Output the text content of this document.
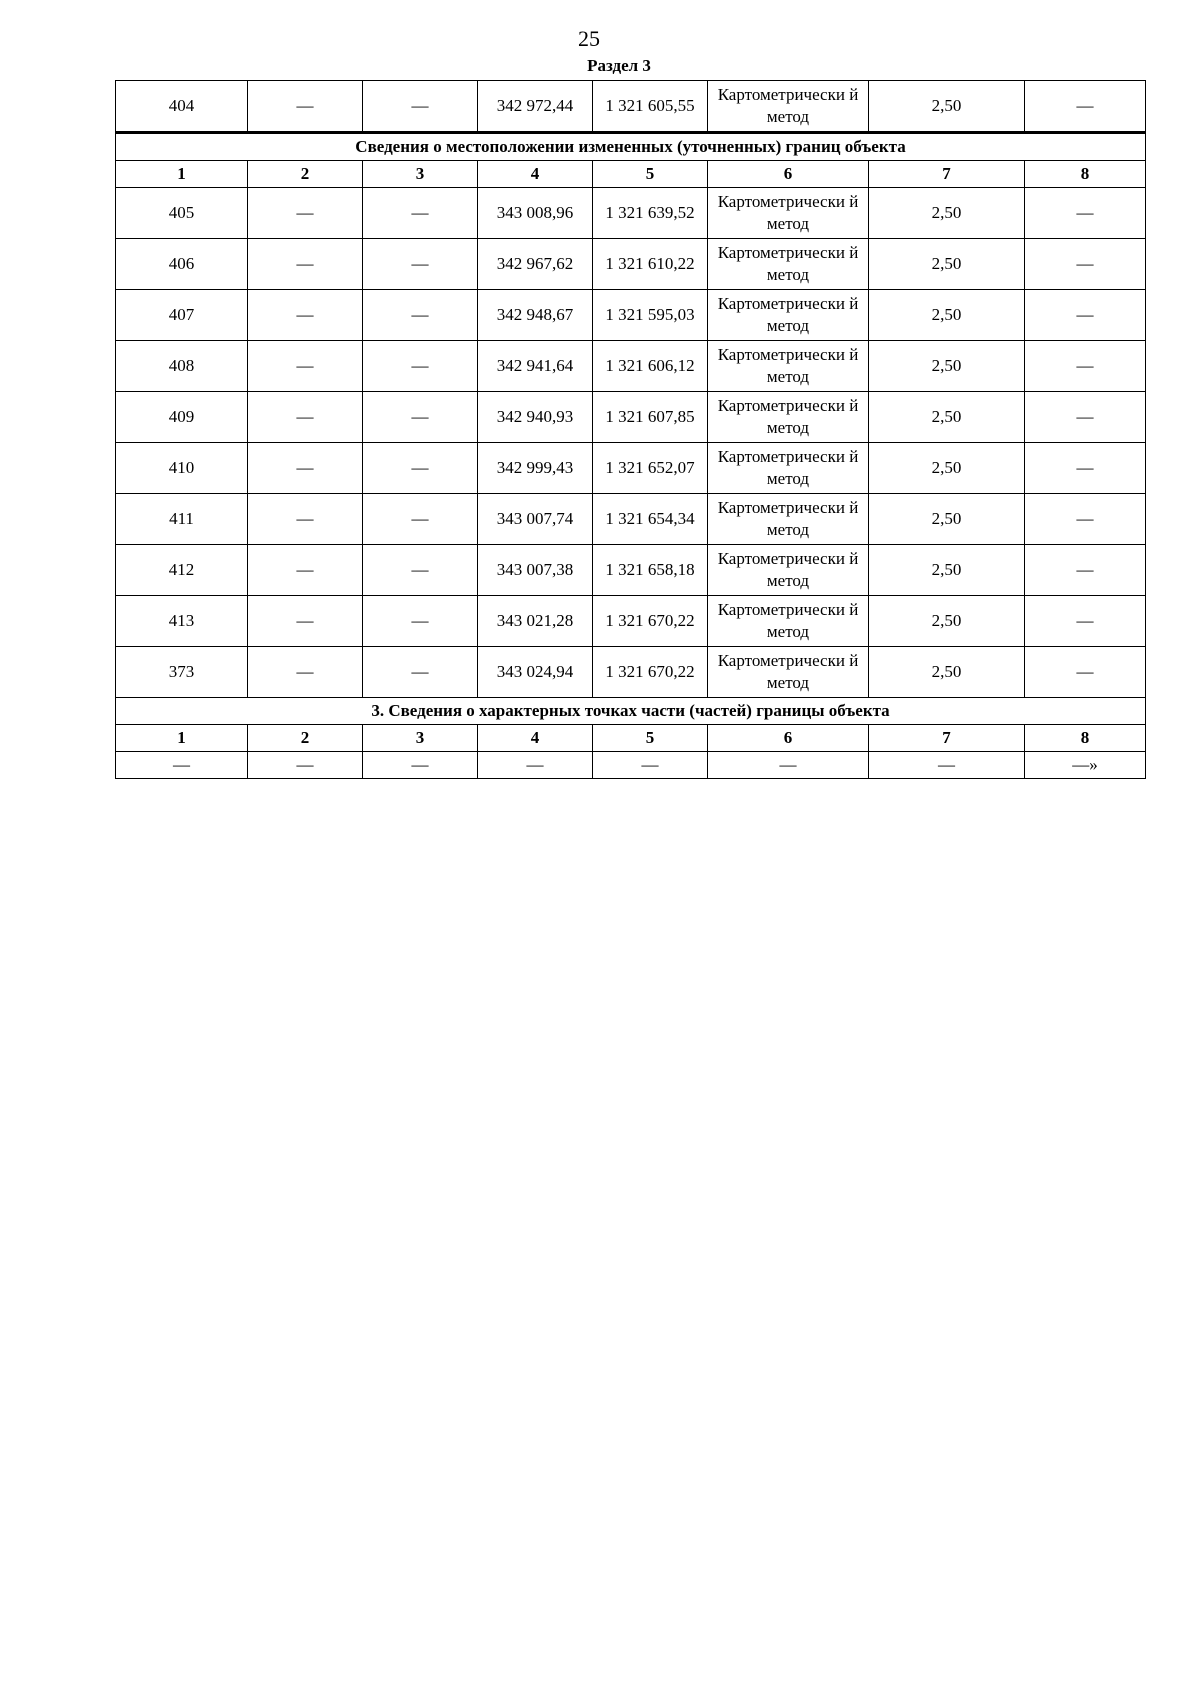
25
Раздел 3
404	—	—	342 972,44	1 321 605,55	Картометрически й метод	2,50	—
Сведения о местоположении измененных (уточненных) границ объекта							
1	2	3	4	5	6	7	8
405	—	—	343 008,96	1 321 639,52	Картометрически й метод	2,50	—
406	—	—	342 967,62	1 321 610,22	Картометрически й метод	2,50	—
407	—	—	342 948,67	1 321 595,03	Картометрически й метод	2,50	—
408	—	—	342 941,64	1 321 606,12	Картометрически й метод	2,50	—
409	—	—	342 940,93	1 321 607,85	Картометрически й метод	2,50	—
410	—	—	342 999,43	1 321 652,07	Картометрически й метод	2,50	—
411	—	—	343 007,74	1 321 654,34	Картометрически й метод	2,50	—
412	—	—	343 007,38	1 321 658,18	Картометрически й метод	2,50	—
413	—	—	343 021,28	1 321 670,22	Картометрически й метод	2,50	—
373	—	—	343 024,94	1 321 670,22	Картометрически й метод	2,50	—
3. Сведения о характерных точках части (частей) границы объекта							
1	2	3	4	5	6	7	8
—	—	—	—	—	—	—	—»
